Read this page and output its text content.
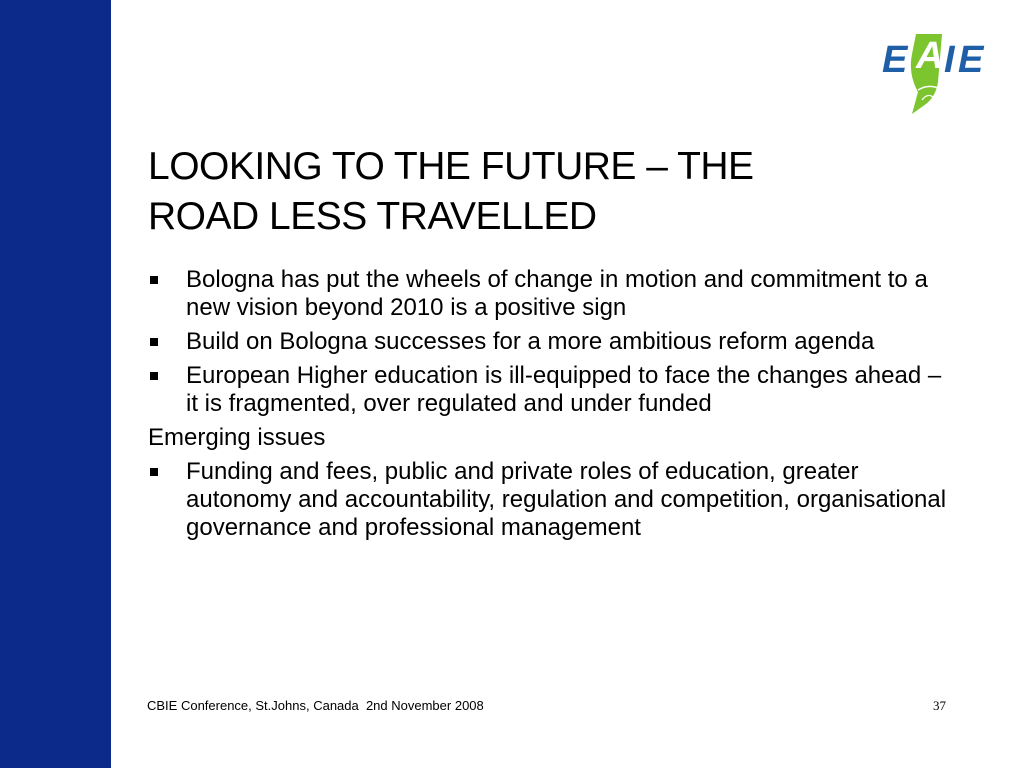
E A I E
LOOKING TO THE FUTURE – THE
ROAD LESS TRAVELLED
Bologna has put the wheels of change in motion and commitment to a new vision beyond 2010 is a positive sign
Build on Bologna successes for a more ambitious reform agenda
European Higher education is ill-equipped to face the changes ahead – it is fragmented, over regulated and under funded
Emerging issues
Funding and fees, public and private roles of education, greater autonomy and accountability, regulation and competition, organisational governance and professional management
CBIE Conference, St.Johns, Canada  2nd November 2008	37
